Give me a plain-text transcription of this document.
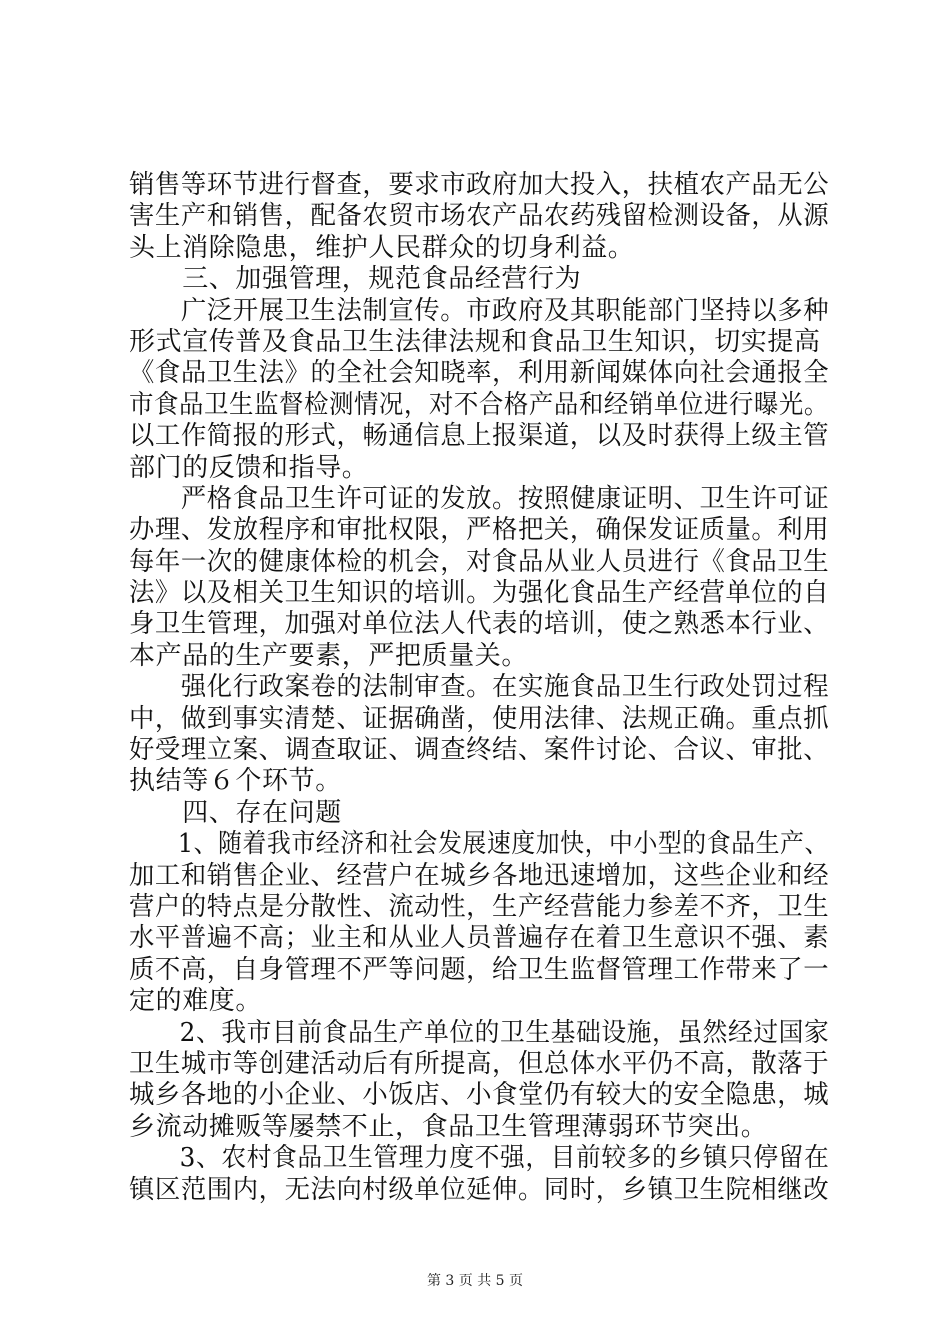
销售等环节进行督查，要求市政府加大投入，扶植农产品无公
害生产和销售，配备农贸市场农产品农药残留检测设备，从源
头上消除隐患，维护人民群众的切身利益。
　　三、加强管理，规范食品经营行为
　　广泛开展卫生法制宣传。市政府及其职能部门坚持以多种
形式宣传普及食品卫生法律法规和食品卫生知识，切实提高
《食品卫生法》的全社会知晓率，利用新闻媒体向社会通报全
市食品卫生监督检测情况，对不合格产品和经销单位进行曝光。
以工作简报的形式，畅通信息上报渠道，以及时获得上级主管
部门的反馈和指导。
　　严格食品卫生许可证的发放。按照健康证明、卫生许可证
办理、发放程序和审批权限，严格把关，确保发证质量。利用
每年一次的健康体检的机会，对食品从业人员进行《食品卫生
法》以及相关卫生知识的培训。为强化食品生产经营单位的自
身卫生管理，加强对单位法人代表的培训，使之熟悉本行业、
本产品的生产要素，严把质量关。
　　强化行政案卷的法制审查。在实施食品卫生行政处罚过程
中，做到事实清楚、证据确凿，使用法律、法规正确。重点抓
好受理立案、调查取证、调查终结、案件讨论、合议、审批、
执结等６个环节。
　　四、存在问题
　　1、随着我市经济和社会发展速度加快，中小型的食品生产、
加工和销售企业、经营户在城乡各地迅速增加，这些企业和经
营户的特点是分散性、流动性，生产经营能力参差不齐，卫生
水平普遍不高；业主和从业人员普遍存在着卫生意识不强、素
质不高，自身管理不严等问题，给卫生监督管理工作带来了一
定的难度。
　　2、我市目前食品生产单位的卫生基础设施，虽然经过国家
卫生城市等创建活动后有所提高，但总体水平仍不高，散落于
城乡各地的小企业、小饭店、小食堂仍有较大的安全隐患，城
乡流动摊贩等屡禁不止，食品卫生管理薄弱环节突出。
　　3、农村食品卫生管理力度不强，目前较多的乡镇只停留在
镇区范围内，无法向村级单位延伸。同时，乡镇卫生院相继改
第 3 页 共 5 页
